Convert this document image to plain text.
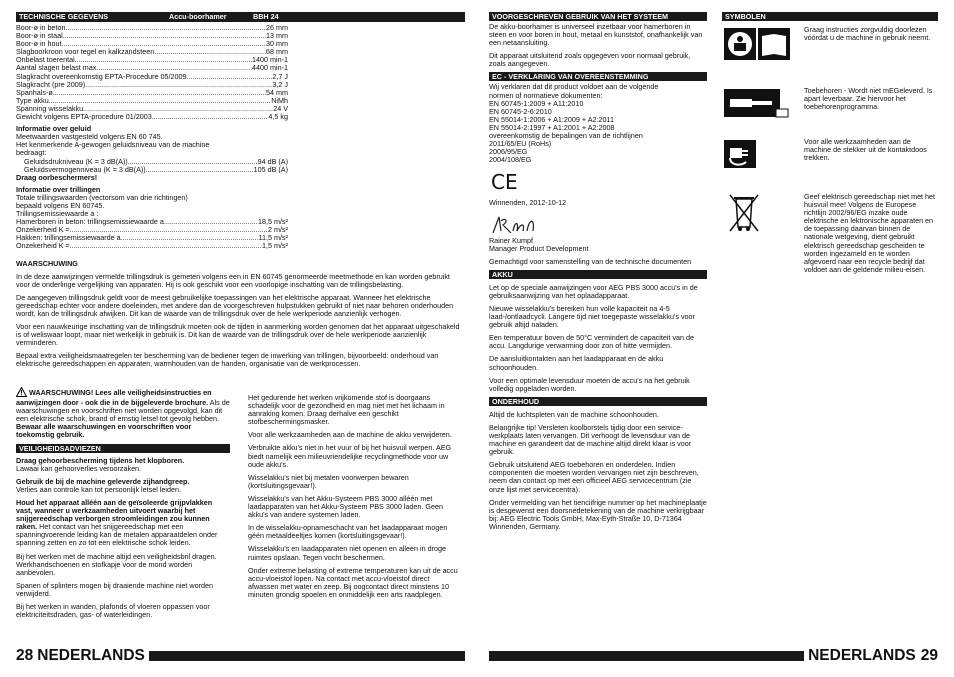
TECHNISCHE GEGEVENS	Accu-boorhamer	BBH 24
Boor-ø in beton .....	26 mm
Boor-ø in staal .....	13 mm
Boor-ø in hout .....	30 mm
Slagboorkroon voor tegel en kalkzandsteen .....	68 mm
Onbelast toerental .....	1400 min-1
Aantal slagen belast max. .....	4400 min-1
Slagkracht overeenkomstig EPTA-Procedure 05/2009 .....	2,7 J
Slagkracht (pre 2009) .....	3,2 J
Spanhals-ø .....	54 mm
Type akku .....	NiMh
Spanning wisselakku .....	24 V
Gewicht volgens EPTA-procedure 01/2003 .....	4,5 kg
Informatie over geluid
Meetwaarden vastgesteld volgens EN 60 745.
Het kenmerkende A-gewogen geluidsniveau van de machine
bedraagt:
Geluidsdrukniveau (K = 3 dB(A)) .....	94 dB (A)
Geluidsvermogenniveau (K = 3 dB(A)) .....	105 dB (A)
Draag oorbeschermers!
Informatie over trillingen
Totale trillingswaarden (vectorsom van drie richtingen)
bepaald volgens EN 60745.
Trillingsemissiewaarde a :
Hamerboren in beton: trillingsemissiewaarde a .....	18,5 m/s²
Onzekerheid K = .....	2 m/s²
Hakken: trillingsemissiewaarde a .....	11,5 m/s²
Onzekerheid K = .....	1,5 m/s²
WAARSCHUWING
In de deze aanwijzingen vermelde trillingsdruk is gemeten volgens een in EN 60745 genormeerde meetmethode en kan worden gebruikt voor de onderlinge vergelijking van apparaten. Hij is ook geschikt voor een voorlopige inschatting van de trillingsbelasting.
De aangegeven trillingsdruk geldt voor de meest gebruikelijke toepassingen van het elektrische apparaat. Wanneer het elektrische gereedschap echter voor andere doeleinden, met andere dan de voorgeschreven hulpstukken gebruikt of niet naar behoren onderhouden wordt, kan de trillingsdruk afwijken. Dit kan de waarde van de trillingsdruk over de hele werkperiode aanzienlijk verhogen.
Voor een nauwkeurige inschatting van de trillingsdruk moeten ook de tijden in aanmerking worden genomen dat het apparaat uitgeschakeld is of weliswaar loopt, maar niet werkelijk in gebruik is. Dit kan de waarde van de trillingsdruk over de hele werkperiode aanzienlijk verminderen.
Bepaal extra veiligheidsmaatregelen ter bescherming van de bediener tegen de inwerking van trillingen, bijvoorbeeld: onderhoud van elektrische gereedschappen en apparaten, warmhouden van de handen, organisatie van de werkprocessen.
WAARSCHUWING! Lees alle veiligheidsinstructies en aanwijzingen door - ook die in de bijgeleverde brochure. Als de waarschuwingen en voorschriften niet worden opgevolgd, kan dit een elektrische schok, brand of ernstig letsel tot gevolg hebben. Bewaar alle waarschuwingen en voorschriften voor toekomstig gebruik.
VEILIGHEIDSADVIEZEN
Draag gehoorbescherming tijdens het klopboren.
Lawaai kan gehoorverlies veroorzaken.
Gebruik de bij de machine geleverde zijhandgreep.
Verlies aan controle kan tot persoonlijk letsel leiden.
Houd het apparaat alléén aan de geïsoleerde grijpvlakken vast, wanneer u werkzaamheden uitvoert waarbij het snijgereedschap verborgen stroomleidingen zou kunnen raken. Het contact van het snijgereedschap met een spanningvoerende leiding kan de metalen apparaatdelen onder spanning zetten en zo tot een elektrische schok leiden.
Bij het werken met de machine altijd een veiligheidsbril dragen. Werkhandschoenen en stofkapje voor de mond worden aanbevolen.
Spanen of splinters mogen bij draaiende machine niet worden verwijderd.
Bij het werken in wanden, plafonds of vloeren oppassen voor elektriciteitsdraden, gas- of waterleidingen.
Het gedurende het werken vrijkomende stof is doorgaans schadelijk voor de gezondheid en mag niet met het lichaam in aanraking komen. Draag derhalve een geschikt stofbeschermingsmasker.
Voor alle werkzaamheden aan de machine de akku verwijderen.
Verbruikte akku's niet in het vuur of bij het huisvuil werpen. AEG biedt namelijk een milieuvriendelijke recyclingmethode voor uw oude akku's.
Wisselakku's niet bij metalen voorwerpen bewaren (kortsluitingsgevaar!).
Wisselakku's van het Akku-Systeem PBS 3000 alléén met laadapparaten van het Akku-Systeem PBS 3000 laden. Geen akku's van andere systemen laden.
In de wisselakku-opnameschacht van het laadapparaat mogen géén metaaldeeltjes komen (kortsluitingsgevaar!).
Wisselakku's en laadapparaten niet openen en alleen in droge ruimtes opslaan. Tegen vocht beschermen.
Onder extreme belasting of extreme temperaturen kan uit de accu accu-vloeistof lopen. Na contact met accu-vloeistof direct afwassen met water en zeep. Bij oogcontact direct minstens 10 minuten grondig spoelen en onmiddelijk een arts raadplegen.
28 NEDERLANDS
VOORGESCHREVEN GEBRUIK VAN HET SYSTEEM
De akku-boorhamer is universeel inzetbaar voor hamerboren in steen en voor boren in hout, metaal en kunststof, onafhankelijk van een netaansluiting.
Dit apparaat uitsluitend zoals opgegeven voor normaal gebruik, zoals aangegeven.
EC - VERKLARING VAN OVEREENSTEMMING
Wij verklaren dat dit product voldoet aan de volgende
normen of normatieve dokumenten:
EN 60745-1:2009 + A11:2010
EN 60745-2-6:2010
EN 55014-1:2006 + A1:2009 + A2:2011
EN 55014-2:1997 + A1:2001 + A2:2008
overeenkomstig de bepalingen van de richtlijnen
2011/65/EU (RoHs)
2006/95/EG
2004/108/EG
CE
Winnenden, 2012-10-12
Rainer Kumpf
Manager Product Development
Gemachtigd voor samenstelling van de technische documenten
AKKU
Let op de speciale aanwijzingen voor AEG PBS 3000 accu's in de gebruiksaanwijzing van het oplaadapparaat.
Nieuwe wisselakku's bereiken hun volle kapaciteit na 4-5 laad-/ontlaadcycli. Langere tijd niet toegepaste wisselakku's voor gebruik altijd naladen.
Een temperatuur boven de 50°C vermindert de capaciteit van de accu. Langdurige verwarming door zon of hitte vermijden.
De aansluitkontakten aan het laadapparaat en de akku schoonhouden.
Voor een optimale levensduur moeten de accu's na het gebruik volledig opgeladen worden.
ONDERHOUD
Altijd de luchtspleten van de machine schoonhouden.
Belangrijke tip! Versleten koolborstels tijdig door een service-werkplaats laten vervangen. Dit verhoogt de levensduur van de machine en garandeert dat de machine altijd direkt klaar is voor gebruik.
Gebruik uitsluitend AEG toebehoren en onderdelen. Indien componenten die moeten worden vervangen niet zijn beschreven, neem dan contact op met een officieel AEG servicecentrum (zie onze lijst met servicecentra).
Onder vermelding van het tienciifrige nummer op het machineplaatje is desgewenst een doorsnedetekening van de machine verkrijgbaar bij: AEG Electric Tools GmbH, Max-Eyth-Straße 10, D-71364 Winnenden, Germany.
SYMBOLEN
Graag instructies zorgvuldig doorlezen vóórdat u de machine in gebruik neemt.
Toebehoren - Wordt niet mEGeleverd. Is apart leverbaar. Zie hiervoor het toebehorenprogramma.
Voor alle werkzaamheden aan de machine de stekker uit de kontaktdoos trekken.
Geef elektrisch gereedschap niet met het huisvuil mee! Volgens de Europese richtlijn 2002/96/EG inzake oude elektrische en lektronische apparaten en de toepassing daarvan binnen de nationale wetgeving, dient gebruikt elektrisch gereedschap gescheiden te worden ingezameld en te worden afgevoerd naar een recycle bedrijf dat voldoet aan de geldende milieu-eisen.
NEDERLANDS 29
